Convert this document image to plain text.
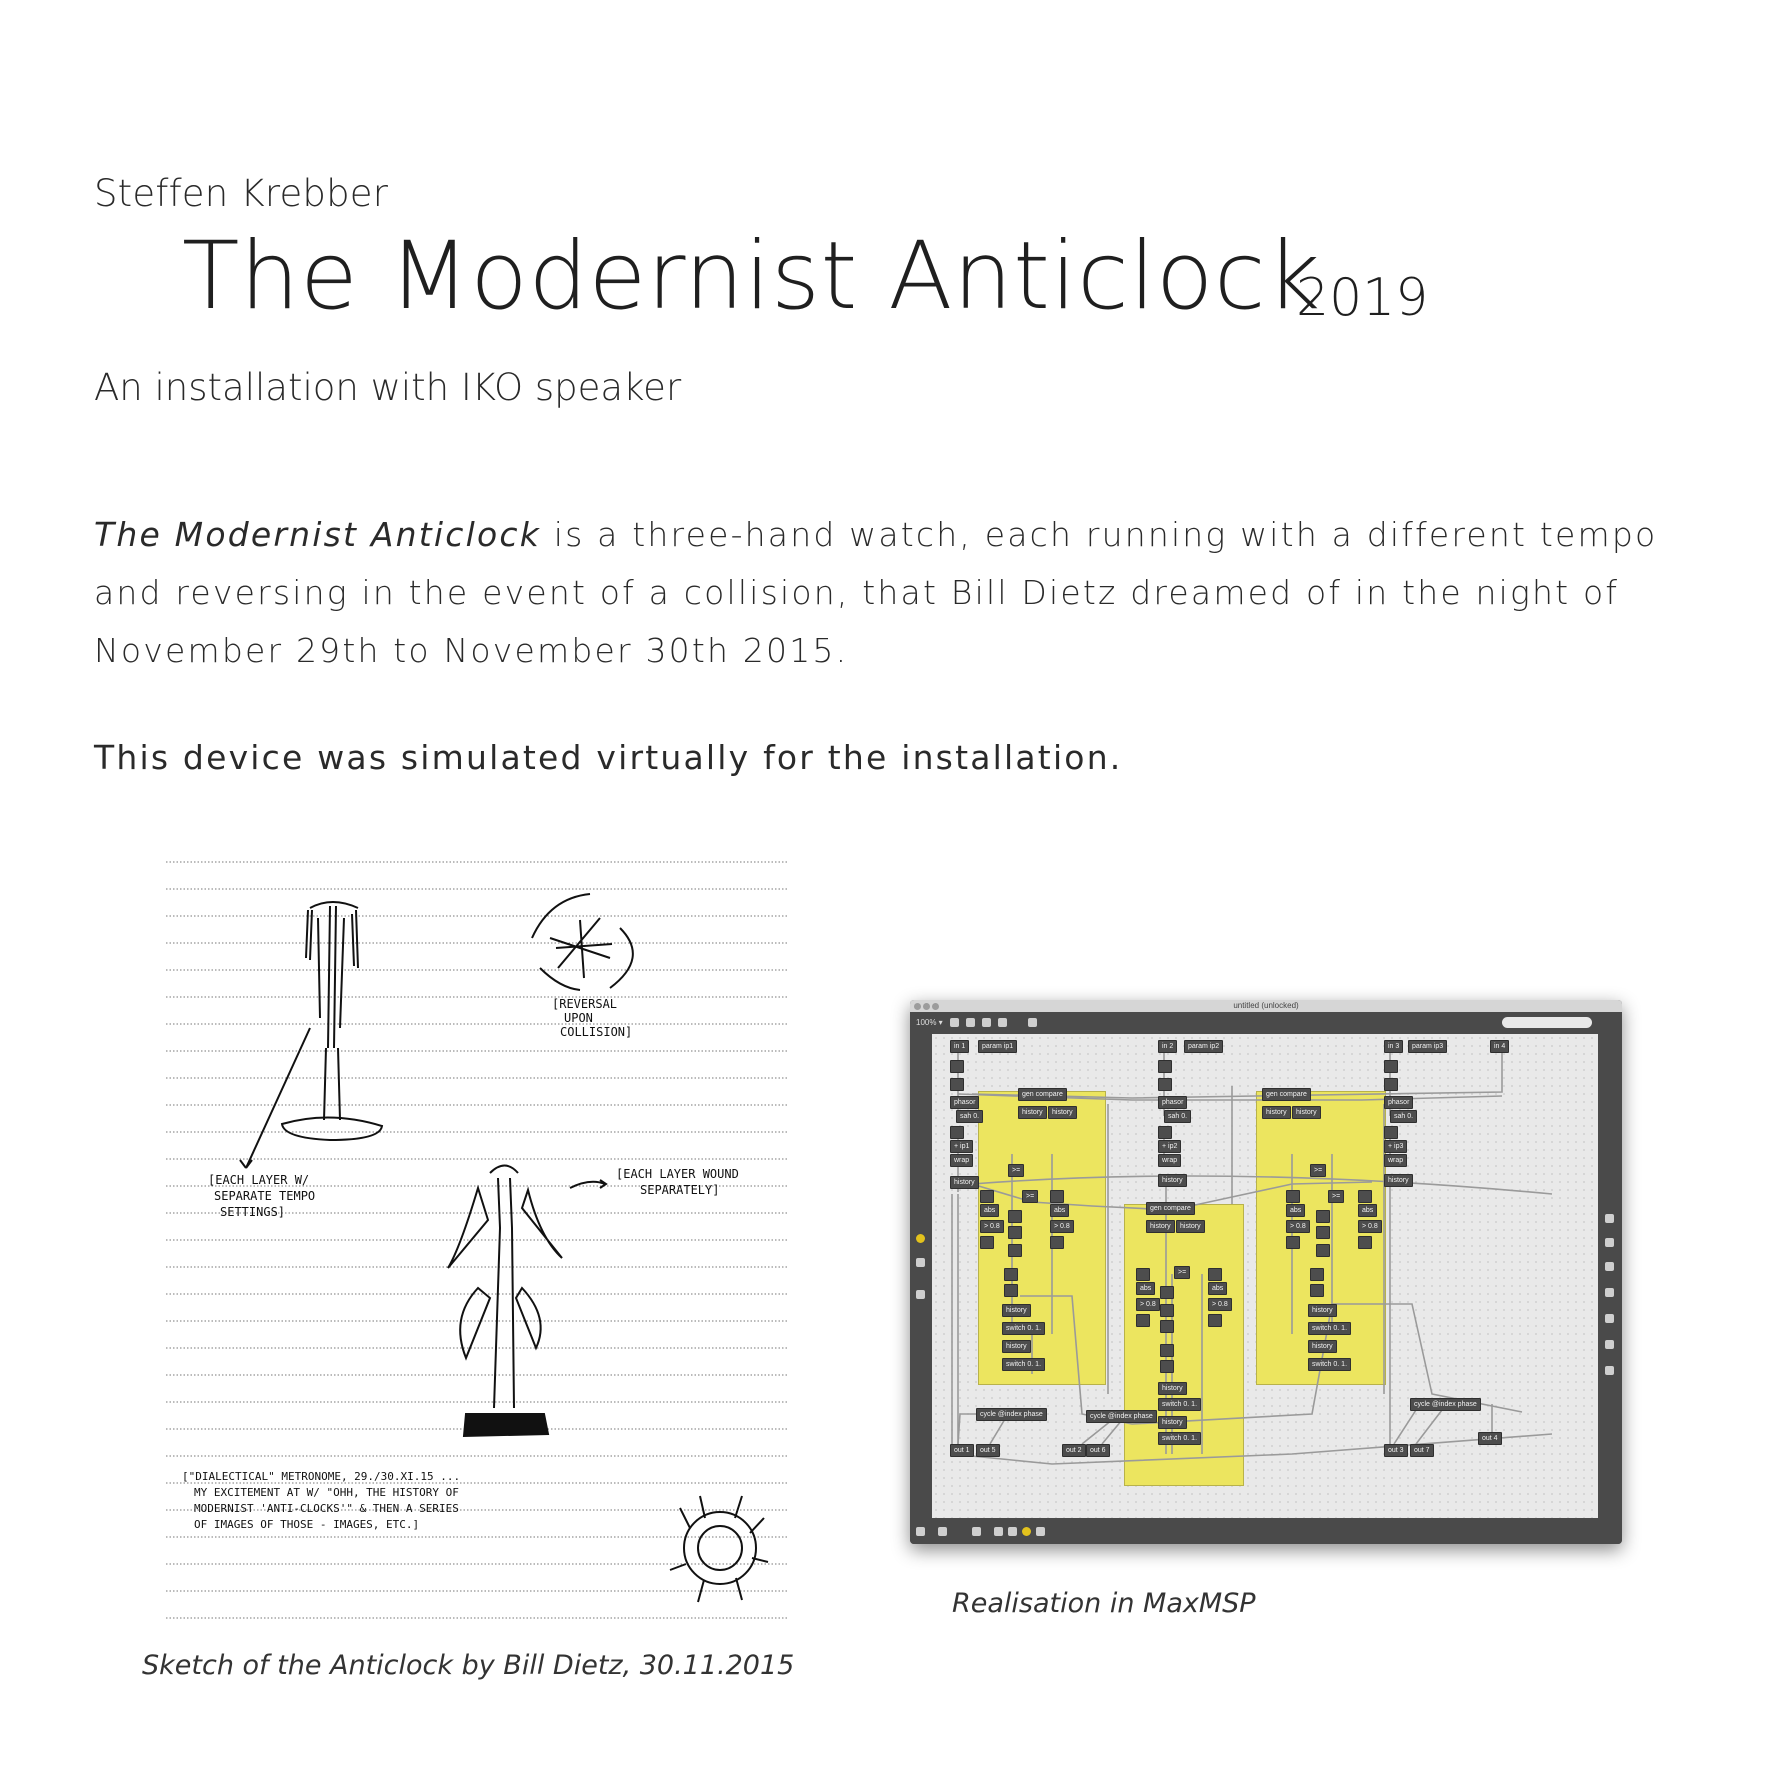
Steffen Krebber
The Modernist Anticlock
2019
An installation with IKO speaker
The Modernist Anticlock is a three-hand watch, each running with a different tempo and reversing in the event of a collision, that Bill Dietz dreamed of in the night of November 29th to November 30th 2015.
This device was simulated virtually for the installation.
[REVERSAL
UPON
COLLISION]
[EACH LAYER W/
SEPARATE TEMPO
SETTINGS]
[EACH LAYER WOUND
SEPARATELY]
["DIALECTICAL" METRONOME, 29./30.XI.15 ...
MY EXCITEMENT AT W/ "OHH, THE HISTORY OF
MODERNIST 'ANTI-CLOCKS'" & THEN A SERIES
OF IMAGES OF THOSE - IMAGES, ETC.]
Sketch of the Anticlock by Bill Dietz, 30.11.2015
untitled (unlocked)
100% ▾
in 1	param ip1
phasor
sah 0.
+ ip1
wrap
history
gen compare
history	history
>=
abs
> 0.8
>=
abs
> 0.8
history
switch 0. 1.
history
switch 0. 1.
cycle @index phase
out 1	out 5
in 2	param ip2
phasor
sah 0.
+ ip2
wrap
history
gen compare
history	history
>=
abs
> 0.8
abs
> 0.8
history
switch 0. 1.
history
switch 0. 1.
cycle @index phase
out 2	out 6
in 3	param ip3	in 4
phasor
sah 0.
+ ip3
wrap
history
gen compare
history	history
>=
abs
> 0.8
>=
abs
> 0.8
history
switch 0. 1.
history
switch 0. 1.
cycle @index phase
out 3	out 7
out 4
Realisation in MaxMSP
